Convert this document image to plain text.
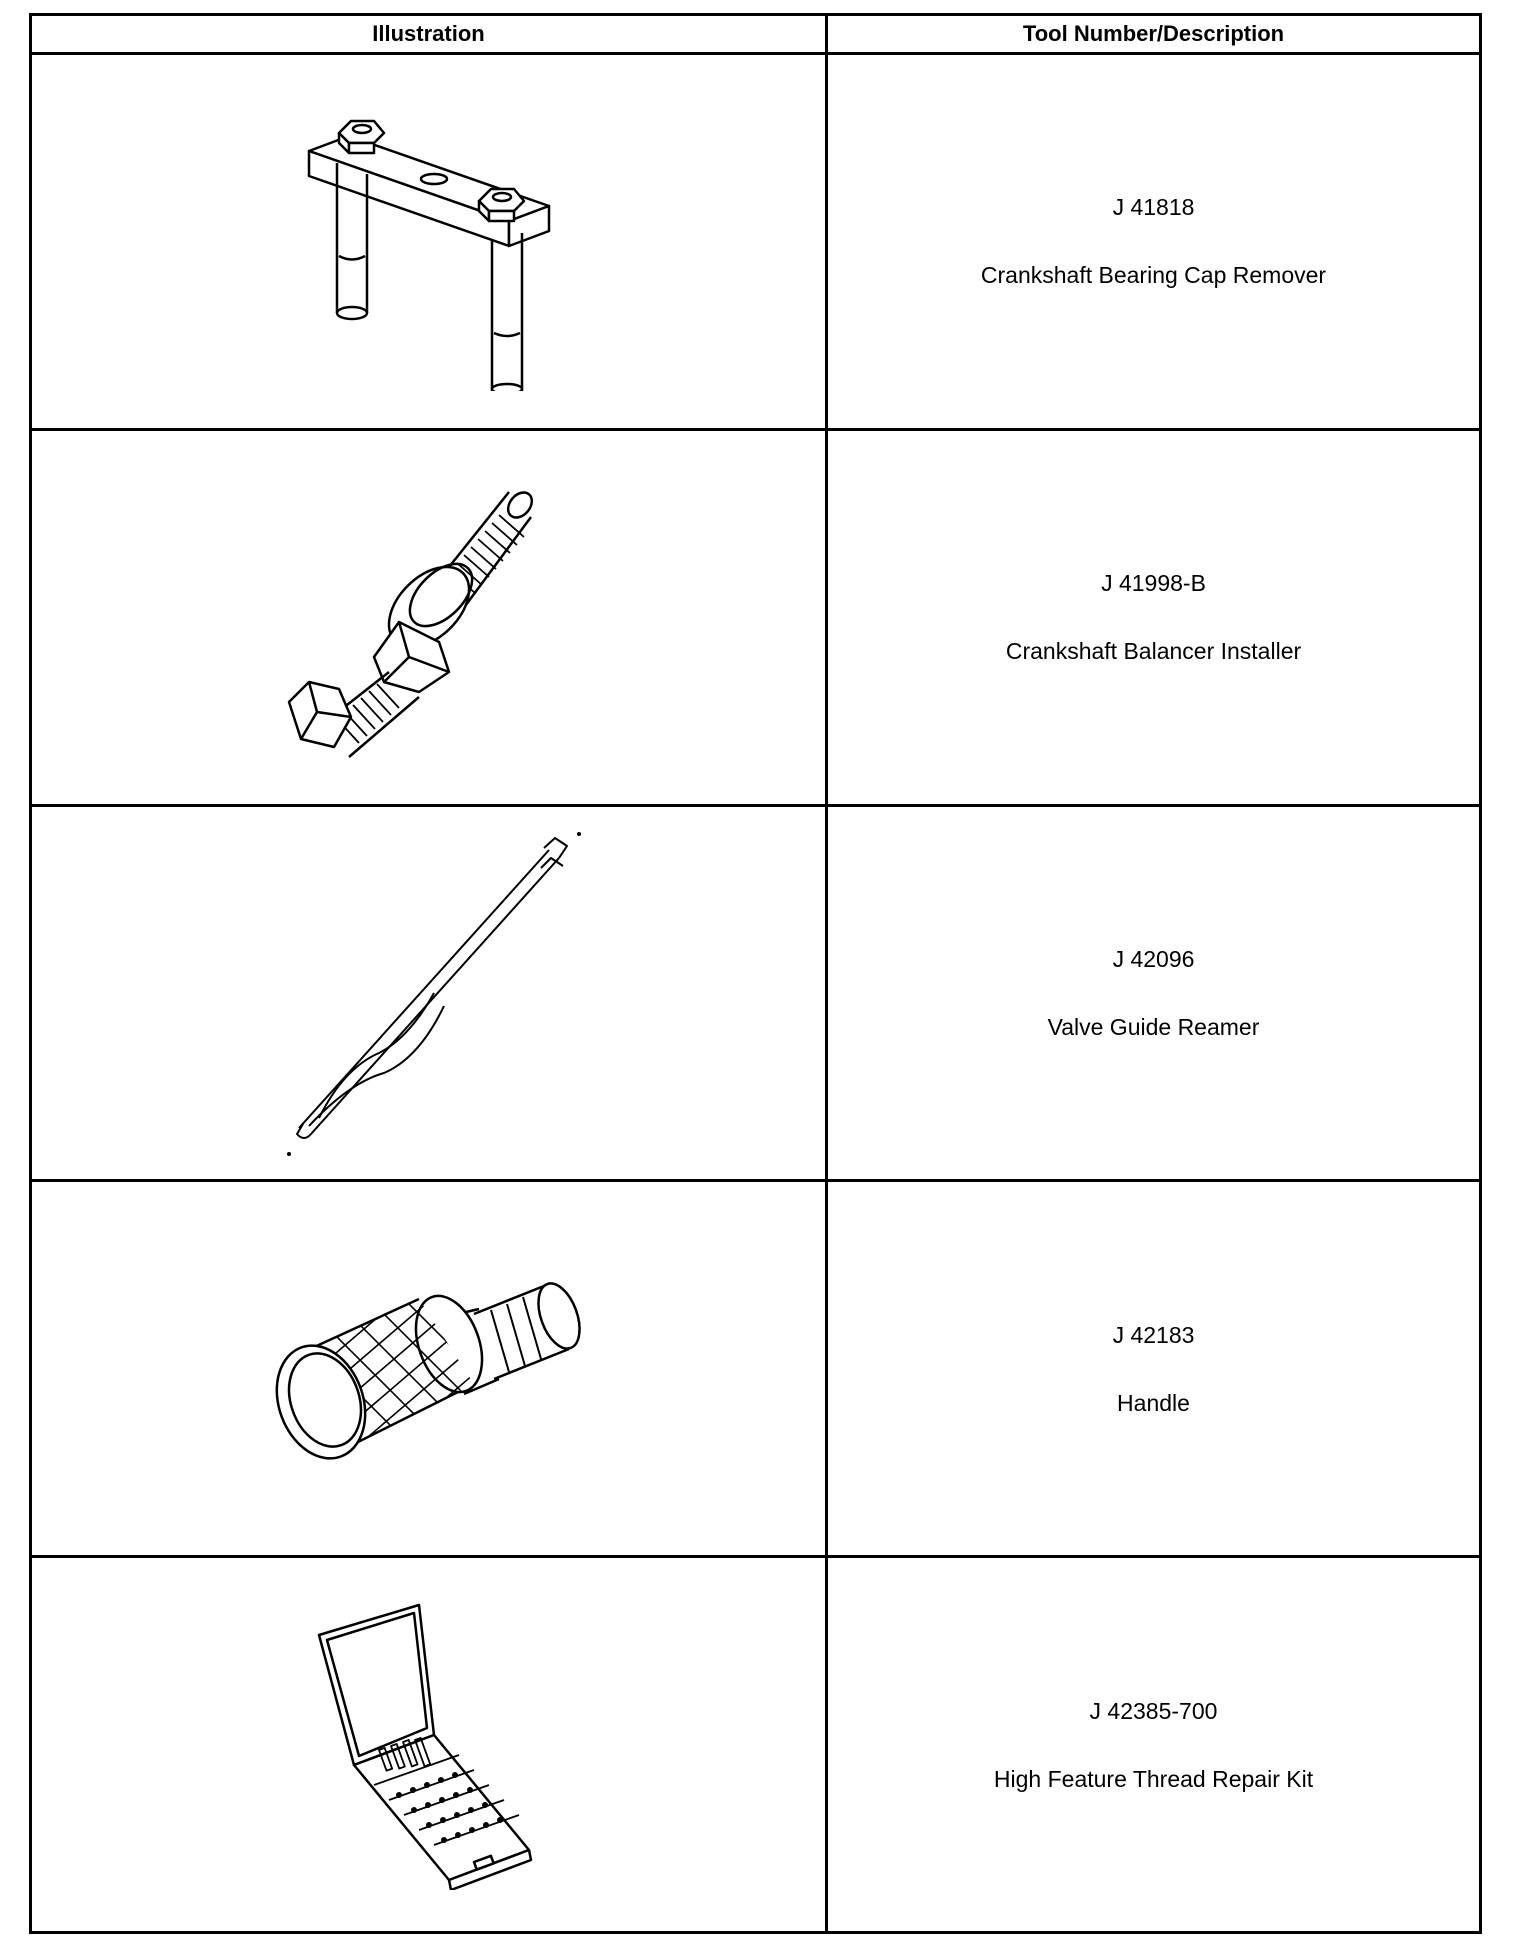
Illustration	Tool Number/Description

J 41818
Crankshaft Bearing Cap Remover

J 41998-B
Crankshaft Balancer Installer

J 42096
Valve Guide Reamer

J 42183
Handle

J 42385-700
High Feature Thread Repair Kit
